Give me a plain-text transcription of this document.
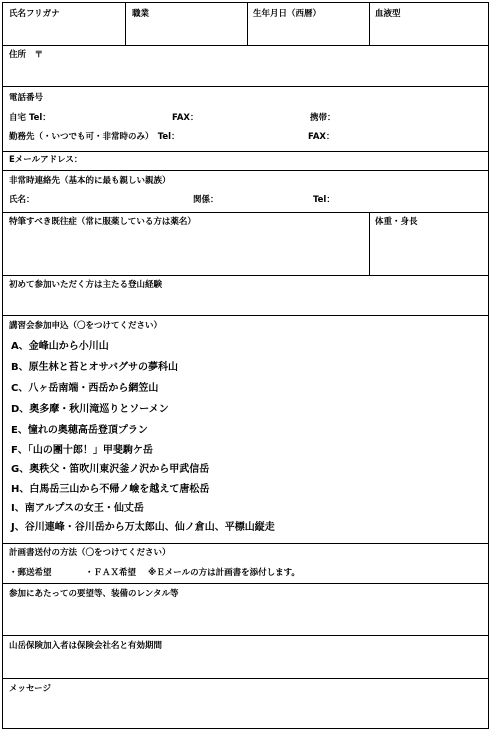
氏名フリガナ	職業	生年月日（西暦）	血液型
住所　〒
電話番号
自宅 Tel：	FAX：	携帯：
勤務先（・いつでも可・非常時のみ）　Tel：	FAX：
Eメールアドレス：
非常時連絡先（基本的に最も親しい親族）
氏名：	関係：	Tel：
特筆すべき既往症（常に服薬している方は薬名）	体重・身長
初めて参加いただく方は主たる登山経験
講習会参加申込（〇をつけてください）
A、金峰山から小川山
B、原生林と苔とオサバグサの夢科山
C、八ヶ岳南端・西岳から網笠山
D、奥多摩・秋川滝巡りとソーメン
E、憧れの奥穂高岳登頂プラン
F、「山の團十郎！」甲斐駒ケ岳
G、奥秩父・笛吹川東沢釜ノ沢から甲武信岳
H、白馬岳三山から不帰ノ嶮を越えて唐松岳
I、南アルプスの女王・仙丈岳
J、谷川連峰・谷川岳から万太郎山、仙ノ倉山、平標山縦走
計画書送付の方法（〇をつけてください）
・郵送希望	・ＦＡＸ希望 ※Ｅメールの方は計画書を添付します。
参加にあたっての要望等、装備のレンタル等
山岳保険加入者は保険会社名と有効期間
メッセージ
